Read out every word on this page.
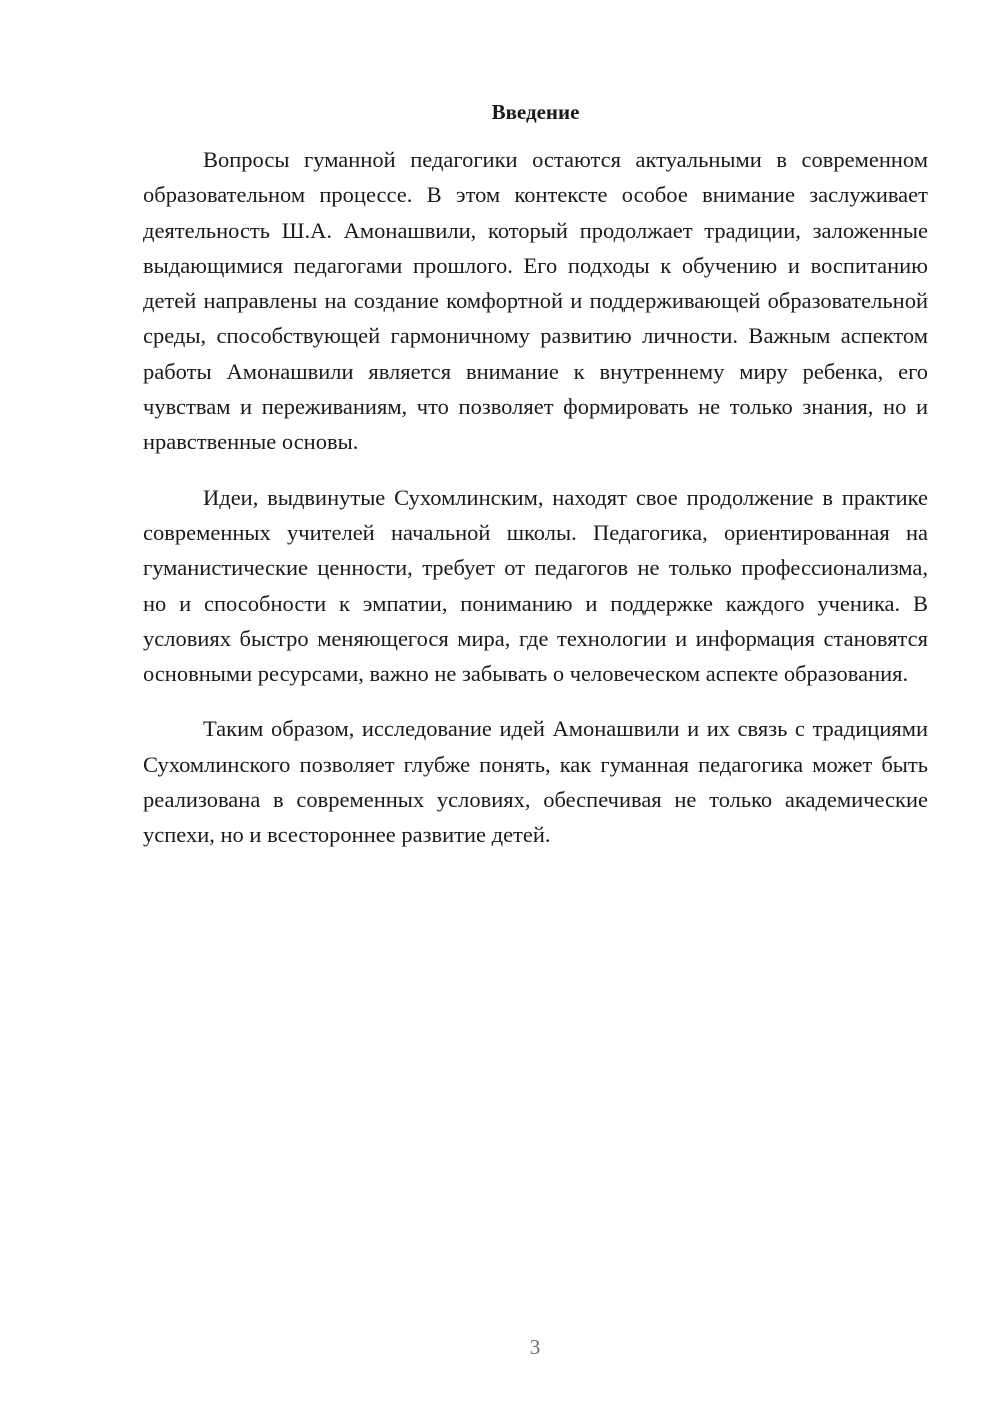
Введение

Вопросы гуманной педагогики остаются актуальными в современном образовательном процессе. В этом контексте особое внимание заслуживает деятельность Ш.А. Амонашвили, который продолжает традиции, заложенные выдающимися педагогами прошлого. Его подходы к обучению и воспитанию детей направлены на создание комфортной и поддерживающей образовательной среды, способствующей гармоничному развитию личности. Важным аспектом работы Амонашвили является внимание к внутреннему миру ребенка, его чувствам и переживаниям, что позволяет формировать не только знания, но и нравственные основы.

Идеи, выдвинутые Сухомлинским, находят свое продолжение в практике современных учителей начальной школы. Педагогика, ориентированная на гуманистические ценности, требует от педагогов не только профессионализма, но и способности к эмпатии, пониманию и поддержке каждого ученика. В условиях быстро меняющегося мира, где технологии и информация становятся основными ресурсами, важно не забывать о человеческом аспекте образования.

Таким образом, исследование идей Амонашвили и их связь с традициями Сухомлинского позволяет глубже понять, как гуманная педагогика может быть реализована в современных условиях, обеспечивая не только академические успехи, но и всестороннее развитие детей.

3
